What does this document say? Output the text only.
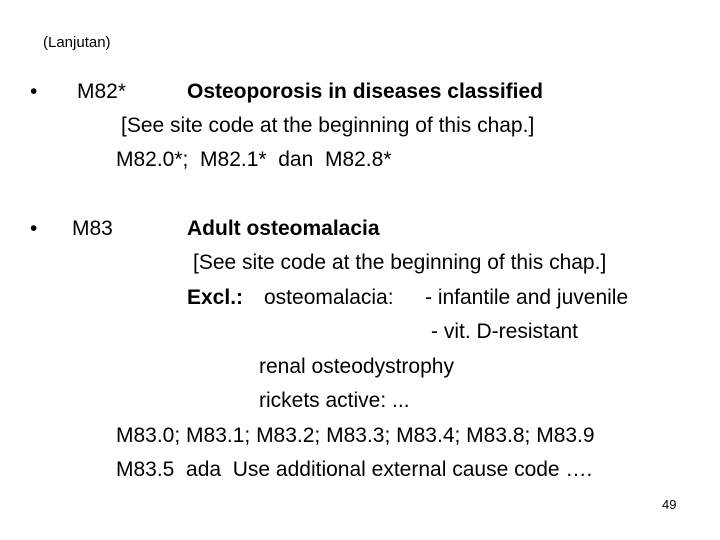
(Lanjutan)
• M82*	Osteoporosis in diseases classified
[See site code at the beginning of this chap.]
M82.0*;  M82.1*  dan  M82.8*
• M83	Adult osteomalacia
[See site code at the beginning of this chap.]
Excl.: osteomalacia: - infantile and juvenile
- vit. D-resistant
renal osteodystrophy
rickets active: ...
M83.0; M83.1; M83.2; M83.3; M83.4; M83.8; M83.9
M83.5  ada  Use additional external cause code ….
49
